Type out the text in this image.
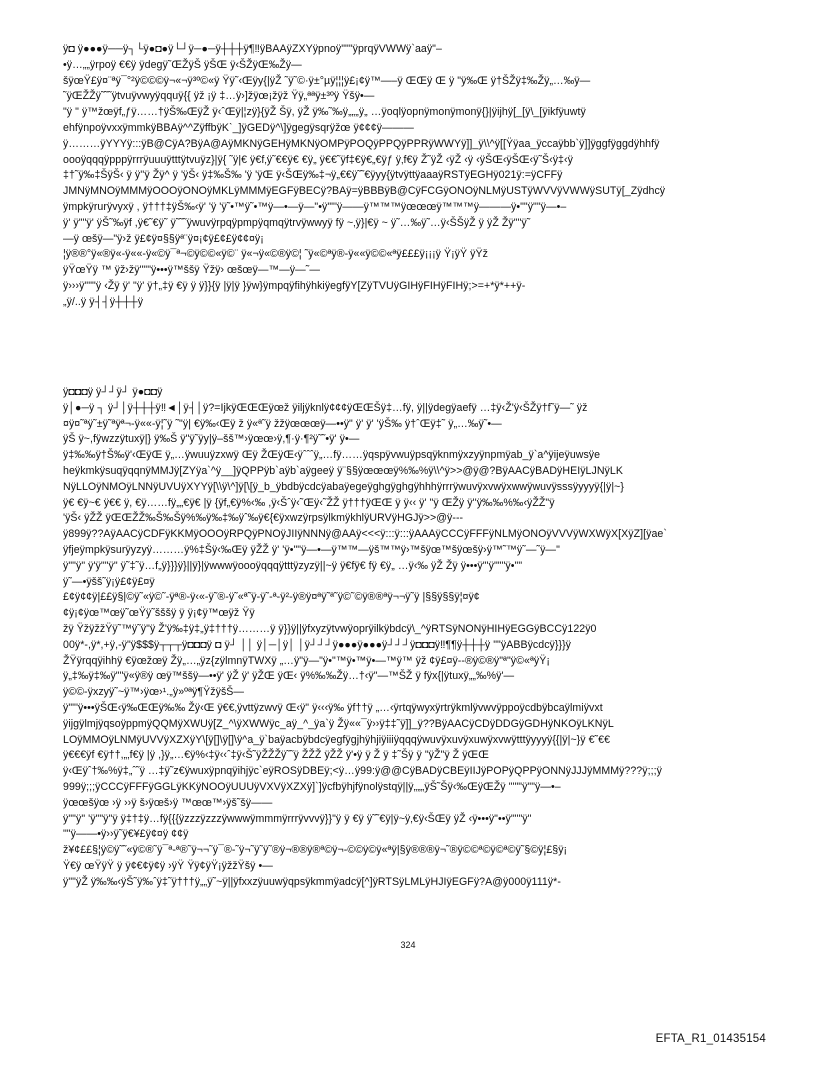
ÿ◘ ÿ●●●ÿ──ÿ┐└ÿ●◘●ÿ└┘ÿ─●─ÿ┼┼┼ÿ¶‼ÿBAAÿZXYÿpnoÿ"""ÿprqÿVWWÿ`aaÿ"–
•ÿ…„„ÿrpoÿ €€ÿ ÿdegÿ˜ŒŽÿŠ ÿŠŒ ÿ‹ŠŽÿŒ‰Žÿ—
šÿœŸ£ÿ¤¨ªÿ¯°²ÿ©©©ÿ¬«¬ÿ³º©«ÿ Ÿÿ˜‹Œÿy{|ÿŽ ˜ÿ˜©·ÿ±°µÿ¦¦¦ÿ£¡¢ÿ™—–ÿ ŒŒÿ Œ ÿ "ÿ‰Œ ÿ†ŠŽÿ‡‰Žÿ„…‰ÿ—
˜ÿŒŽŽÿ˜˜˜ÿtvuÿvwyÿqquÿ{{ ÿž ¡ÿ ‡…ÿ›]žÿœ¡žÿž Ÿÿ„ªªÿ±³ºÿ Ÿšÿ•—
"ÿ " ÿ™žœÿf„ƒÿ……†ÿŠ‰ŒÿŽ ÿ‹ˆŒÿ|¦zÿ}{ÿŽ Šÿ, ÿŽ ÿ‰˜‰ÿ„„„ÿ„ …ÿoqlÿopnÿmonÿmonÿ{}|ÿijhÿ[_[ÿ\_[ÿikfÿuwtÿ
ehfÿnpoÿvxxÿmmkÿBBAÿ^^ZÿffbÿKˋ_]ÿGEDÿ^\]ÿgegÿsqrÿžœ ÿ¢¢¢ÿ———
ÿ………ÿYYYÿ:::ÿB@CÿA?BÿA@AÿMKNÿGEHÿMKNÿOMPÿPOQÿPPQÿPPRÿWWYÿ]]_ÿ\\^ÿ[[Ÿÿaa_ÿccaÿbb`ÿ]]ÿggfÿggdÿhhfÿ
oooÿqqqÿpppÿrrrÿuuuÿtttÿtvuÿz}|ÿ{ ˜ÿ|€ ÿ€f‚ÿ˜€€ÿ€ €ÿ„ ÿ€€˜ÿf‡€ÿ€„€ÿƒ ÿ‚f€ÿ Ž˜ÿŽ ‹ÿŽ ‹ÿ ‹ÿŠŒ‹ÿŠŒ‹ÿ˜Š‹ÿ‡‹ÿ
‡†˜ÿ‰‡ŠÿŠ‹ ÿ ÿ''ÿ Žÿ^ ÿ 'ÿŠ‹ ÿ‡‰Š‰ 'ÿ 'ÿŒ ÿ‹ŠŒÿ‰‡¬ÿ„€€ÿ˜˜€ÿyy{ÿtvÿttÿaaaÿRSTÿEGHÿ021ÿ:=ÿCFFÿ
JMNÿMNOÿMMMÿOOOÿONOÿMKLÿMMMÿEGFÿBECÿ?BAÿ=ÿBBBÿB@CÿFCGÿONOÿNLMÿUSTÿWVVÿVWWÿSUTÿ[_Zÿdhcÿ
ÿmpkÿrurÿvyxÿ , ÿ†††‡ÿŠ‰‹ÿ' 'ÿ 'ÿ˜•™ÿ˜•™ÿ—•—ÿ—"•ÿ""'ÿ——ÿ™™™ÿœœœÿ™™™ÿ———ÿ•""ÿ""ÿ—•–
ÿ' ÿ""ÿ' ÿŠ˜‰ÿf ,ÿ€˜€ÿ˜ ÿ˜˜˜ÿwuvÿrpqÿpmpÿqmqÿtrvÿwwyÿ fÿ ~‚ÿ}|€ÿ ~ ÿ˜…‰ÿ˜…ÿ‹ŠŠÿŽ ÿ ÿŽ Žÿ""ÿ˜
—ÿ œšÿ—"ÿ›ž ÿ£¢ÿ¤§§ÿª¨ÿ¤¡¢ÿ£¢£ÿ¢¢¤ÿ¡
¦ÿ®®°ÿ«®ÿ«-ÿ««-ÿ«©ÿ¯ª¬©ÿ©©«ÿ©¨ ÿ«¬ÿ«©®ÿ©¦ ˜ÿ«©ªÿ®-ÿ««ÿ©©«ªÿ£££ÿ¡¡¡ÿ Ÿ¡ÿŸ ÿŸž
ÿŸœŸÿ ™ ÿž›žÿ"""ÿ•••ÿ™ššÿ Ÿžÿ› œšœÿ—™—ÿ—˜—
ÿ›››ÿ"""ÿ ‹Žÿ ÿ' "ÿ' ÿ†„‡ÿ €ÿ ÿ ÿ}}{ÿ |ÿ|ÿ }ÿw}ÿmpqÿfihÿhkiÿegfÿY[ZÿTVUÿGIHÿFIHÿFIHÿ;>=+*ÿ*++ÿ-
„ÿ/..ÿ ÿ┤┤ÿ┼┼┼ÿ
ÿ◘◘◘ÿ ÿ┘┘ÿ┘ ÿ●◘◘ÿ
ÿ│●─ÿ ┐ ÿ┘│ÿ┼┼┼ÿ‼◄│ÿ┤│ÿ?=IjkÿŒŒŒÿœž ÿiljÿknlÿ¢¢¢ÿŒŒŠÿ‡…fÿ, ÿ||ÿdegÿaefÿ …‡ÿ‹Ž'ÿ‹ŠŽÿ†f˜ÿ—˜ ÿž
¤ÿ¤˜ªÿ˜±ÿ˜ªÿª¬-ÿ««-ÿ¦˜ÿ ˜"ÿ| €ÿ‰‹Œÿ ž ÿ«ª˜ÿ žžÿœœœÿ—••ÿ" ÿ' ÿ' 'ÿŠ‰ ÿ†ˆŒÿ‡˜ ÿ„…‰ÿ˜•—
ÿŠ ÿ~,fÿwzzÿtuxÿ|} ÿ‰Š ÿ"ÿ˜ÿy|ÿ–šš™›ÿœœ›ÿ,¶·ÿ·¶²ÿ˜˜•ÿ' ÿ•—
ÿ‡‰‰ÿ†Š‰ÿ'‹ŒÿŒ ÿ„…ÿwuuÿzxwÿ Œÿ ŽŒÿŒ‹ÿˆˆˆÿ„…fÿ……ÿqspÿvwuÿpsqÿknmÿxzyÿnpmÿab_ÿ`a^ÿijeÿuwsÿe
heÿkmkÿsuqÿqqnÿMMJÿ[ZYÿa`^ÿ__]ÿQPPÿb`aÿb`aÿgeeÿ ÿ¨§§ÿœœœÿ%‰%ÿ\\^ÿ>>@ÿ@?BÿAACÿBADÿHEIÿLJNÿLK
NÿLLOÿNMOÿLNNÿUVUÿXYYÿ[\\ÿ\^]ÿ[\[ÿ_b_ÿbdbÿcdcÿabaÿegeÿghgÿghgÿhhhÿrrrÿwuvÿxvwÿxwwÿwuvÿsssÿyyyÿ{|ÿ|~}
ÿ€ €ÿ~€ ÿ€€ ÿ, €ÿ……fÿ„„€ÿ€ |ÿ {ÿf„€ÿ%‹‰ ,ÿ‹Šˆÿ‹˜Œÿ‹˜ŽŽ ÿ†††ÿŒŒ ÿ ÿ‹‹ ÿ' "ÿ ŒŽÿ ÿ''ÿ‰‰%‰‹ÿŽŽ"ÿ
'ÿŠ‹ ÿŽŽ ÿŒŒŽŽ‰Š‰Šÿ%‰ÿ‰‡‰ÿˆ‰ÿ€{€ÿxwzÿrpsÿlkmÿkhlÿURVÿHGJÿ>>@ÿ---
ÿ899ÿ??AÿAACÿCDFÿKKMÿOOOÿRPQÿPNOÿJIIÿNNNÿ@AAÿ<<<ÿ:::ÿ:::ÿAAAÿCCCÿFFFÿNLMÿONOÿVVVÿWXWÿX[XÿZ][ÿae`
ÿfjeÿmpkÿsurÿyzyÿ………ÿ%‡Šÿ‹‰Œÿ ÿŽŽ ÿ' 'ÿ•""ÿ—•—ÿ™™—ÿš™™ÿ›™šÿœ™šÿœšÿ›ÿ™˜™ÿ˜—˜ÿ—"
ÿ""ÿ" ÿ'ÿ""ÿ" ÿ˜‡˜ÿ…f„ÿ}}}ÿ}||ÿ}|ÿwwwÿoooÿqqqÿtttÿzyzÿ||~ÿ ÿ€fÿ€ fÿ €ÿ„ …ÿ‹‰ ÿŽ Žÿ ÿ•••ÿ"'ÿ"""ÿ•""
ÿ˜—•ÿšš˜ÿ¡ÿ£¢ÿ£¤ÿ
£¢ÿ¢¢ÿ|££ÿ§|©ÿ˜«ÿ©˜-ÿª®-ÿ‹«-ÿ˜®-ÿ˜«ª˜ÿ-ÿ˜-ª-ÿ²-ÿ®ÿ¤ªÿ˜ª˜ÿ©˜©ÿ®®ªÿ¬¬ÿ˜ÿ |§§ÿ§§ÿ¦¤ÿ¢
¢ÿ¡¢ÿœ™œÿ˜œŸÿ˜šššÿ ÿ ÿ¡¢ÿ™œÿž Ÿÿ
žÿ ŸžÿžžŸÿ˜™ÿ˜ÿ"ÿ Ž'ÿ‰‡ÿ‡„ÿ‡†††ÿ………ÿ ÿ}}ÿ||ÿfxyzÿtvwÿoprÿilkÿbdcÿ\_^ÿRTSÿNONÿHIHÿEGGÿBCCÿ122ÿ0
00ÿ*-,ÿ*,+ÿ,-ÿ"ÿ$$$ÿ┬┬┬ÿ◘◘◘ÿ ◘ ÿ┘ ││ ÿ│─│ÿ│ │ÿ┘┘┘ÿ●●●ÿ●●●ÿ┘┘┘ÿ◘◘◘ÿ‼¶¶ÿ┼┼┼ÿ ""ÿABBÿcdcÿ}}}ÿ
ŽŸÿrqqÿihhÿ €ÿœžœÿ Žÿ„…„ÿz{zÿlmnÿTWXÿ „…ÿ"ÿ—"ÿ•"™ÿ•™ÿ•—™ÿ™ ÿž ¢ÿ£¤ÿ--®ÿ©®ÿ"ª"ÿ©«ªÿŸ¡
ÿ„‡‰ÿ‡‰ÿ""ÿ«ÿ®ÿ œÿ™ššÿ—••ÿ' ÿŽ ÿ' ÿŽŒ ÿŒ‹ ÿ%‰‰Žÿ…†‹ÿ"—™ŠŽ ÿ fÿx{|ÿtuxÿ„„‰%ÿ'—
ÿ©©-ÿxzyÿ˜~ÿ™›ÿœ›¹.„ÿ»ºªÿ¶ŸžÿšŠ—
ÿ""'ÿ•••ÿŠŒ‹ÿ‰ŒŒÿ‰‰ Žÿ‹Œ ÿ€€‚ÿvttÿzwvÿ Œ‹ÿ" ÿ‹‹‹ÿ‰ ÿf††ÿ „…‹ÿrtqÿwyxÿrtrÿkmlÿvwvÿppoÿcdbÿbcaÿlmiÿvxt
ÿijgÿlmjÿqsoÿppmÿQQMÿXWUÿ[Z_^\ÿXWWÿc_aÿ_^_ÿa`ÿ Žÿ««¯ÿ››ÿ‡‡˜ÿ]]_ÿ??BÿAACÿCDÿDDGÿGDHÿNKOÿLKNÿL
LOÿMMOÿLNMÿUVVÿXZXÿY\[ÿ[]\ÿ[]\ÿ^a_ÿ`baÿacbÿbdcÿegfÿgjhÿhjiÿiiiÿqqqÿwuvÿxuvÿxuwÿxvwÿtttÿyyyÿ{{|ÿ|~}ÿ €˜€€
ÿ€€€ÿf €ÿ††,„‚f€ÿ |ÿ ,}ÿ„…€ÿ%‹‡ÿ‹‹ˆ‡ÿ‹Š˜ÿŽŽŽÿ˜˜ÿ ŽŽŽ ÿŽŽ ÿ'•ÿ ÿ Ž ÿ ‡˜Šÿ ÿ "ÿŽ"ÿ Ž ÿŒŒ
ÿ‹Œÿˆ†‰%ÿ‡„ˆ˜ÿ …‡ÿ˜z€ÿwuxÿpnqÿihjÿc`eÿROSÿDBEÿ;<ÿ…ÿ99:ÿ@@CÿBADÿCBEÿIIJÿPOPÿQPPÿONNÿJJJÿMMMÿ???ÿ;;;ÿ
999ÿ;;;ÿCCCÿFFFÿGGLÿKKÿNOOÿUUUÿVXVÿXZXÿ]`]ÿcfbÿhjfÿnolÿstqÿ||ÿ„„„ÿŠ˜Šÿ‹‰ŒÿŒŽÿ '"""ÿ""ÿ—•–
ÿœœšÿœ ›ÿ ››ÿ š›ÿœš›ÿ ™œœ™›ÿš˜šÿ——
ÿ""ÿ" 'ÿ""ÿ"ÿ ÿ‡†‡ÿ…fÿ{{{ÿzzzÿzzzÿwwwÿmmmÿrrrÿvvvÿ}}"ÿ ÿ €ÿ ÿ˜˜€ÿ|ÿ~ÿ‚€ÿ‹ŠŒÿ ÿŽ ‹ÿ•••ÿ"••ÿ"""ÿ"
""ÿ——•ÿ››ÿ˜ÿ€¥£ÿ¢¤ÿ ¢¢ÿ
ž¥¢££§¦ÿ©ÿ˜˜«ÿ©®˜ÿ¯ª-ª®˜ÿ¬¬˜ÿ¯®-˜ÿ¬˜ÿ˜ÿ˜®ÿ¬®®ÿ®ª©ÿ¬-©©ÿ©ÿ«ªÿ|§ÿ®®®ÿ¬˜®ÿ©©ª©ÿ©ª©ÿ˜§©ÿ¦£§ÿ¡
Ÿ€ÿ œŸÿŸ ÿ ÿ¢€¢ÿ¢ÿ ›ÿŸ Ÿÿ¢ÿŸ¡ÿžžŸšÿ •—
ÿ""ÿŽ ÿ‰‰‹ÿŠ˜ÿ‰ˆÿ‡˜ÿ†††ÿ„„ÿ˜~ÿ||ÿfxxzÿuuwÿqpsÿkmmÿadcÿ[^]ÿRTSÿLMLÿHJIÿEGFÿ?A@ÿ000ÿ111ÿ*-
324
EFTA_R1_01435154
